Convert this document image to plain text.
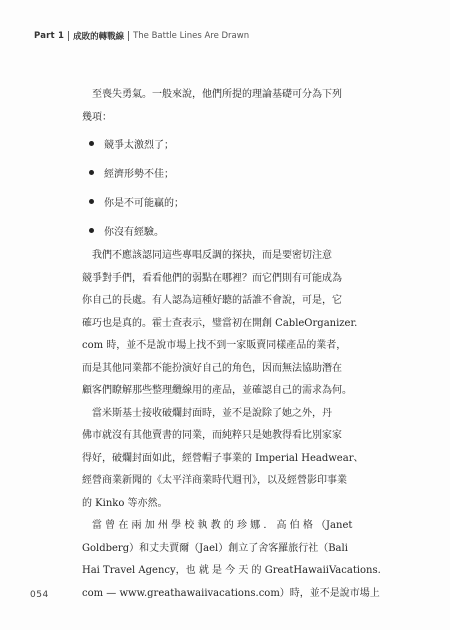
Part 1 成敗的轉戰線 The Battle Lines Are Drawn

至喪失勇氣。一般來說，他們所提的理論基礎可分為下列

幾項：

競爭太激烈了；
經濟形勢不佳；
你是不可能贏的；
你沒有經驗。

我們不應該認同這些專唱反調的探抉，而是要密切注意

競爭對手們，看看他們的弱點在哪裡？而它們則有可能成為

你自己的長處。有人認為這種好聽的話誰不會說，可是，它

確巧也是真的。霍士查表示，璧當初在開創 CableOrganizer.

com 時，並不是說市場上找不到一家販賣同樣產品的業者，

而是其他同業都不能扮演好自己的角色，因而無法協助潛在

顧客們瞭解那些整理纜線用的產品，並確認自己的需求為何。

當米斯基士接收破爛封面時，並不是說除了她之外，丹

佛市就沒有其他賣書的同業，而純粹只是她教得看比別家家

得好，破爛封面如此，經營帽子事業的 Imperial Headwear、

經營商業新聞的《太平洋商業時代週刊》，以及經營影印事業

的 Kinko 等亦然。

當 曾 在 兩 加 州 學 校 執 教 的 珍 娜 ． 高 伯 格 （Janet

Goldberg）和丈夫賈爾（Jael）創立了舍客羅旅行社（Bali

Hai Travel Agency，也 就 是 今 天 的 GreatHawaiiVacations.

com — www.greathawaiivacations.com）時，並不是說市場上

054
